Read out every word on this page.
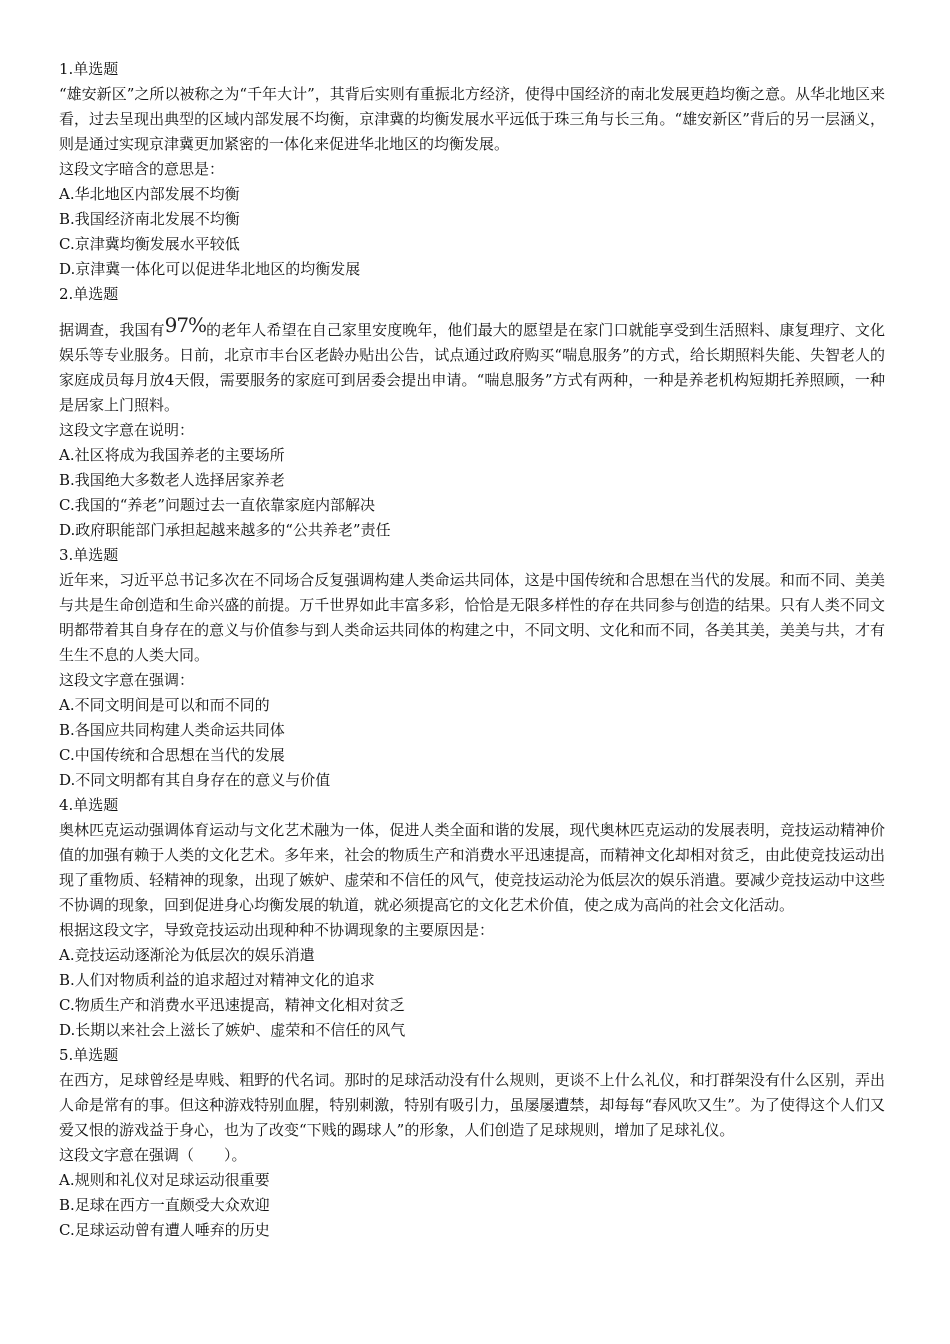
1.单选题
“雄安新区”之所以被称之为“千年大计”，其背后实则有重振北方经济，使得中国经济的南北发展更趋均衡之意。从华北地区来看，过去呈现出典型的区域内部发展不均衡，京津冀的均衡发展水平远低于珠三角与长三角。“雄安新区”背后的另一层涵义，则是通过实现京津冀更加紧密的一体化来促进华北地区的均衡发展。
这段文字暗含的意思是：
A.华北地区内部发展不均衡
B.我国经济南北发展不均衡
C.京津冀均衡发展水平较低
D.京津冀一体化可以促进华北地区的均衡发展
2.单选题
据调查，我国有97%的老年人希望在自己家里安度晚年，他们最大的愿望是在家门口就能享受到生活照料、康复理疗、文化娱乐等专业服务。日前，北京市丰台区老龄办贴出公告，试点通过政府购买“喘息服务”的方式，给长期照料失能、失智老人的家庭成员每月放4天假，需要服务的家庭可到居委会提出申请。“喘息服务”方式有两种，一种是养老机构短期托养照顾，一种是居家上门照料。
这段文字意在说明：
A.社区将成为我国养老的主要场所
B.我国绝大多数老人选择居家养老
C.我国的“养老”问题过去一直依靠家庭内部解决
D.政府职能部门承担起越来越多的“公共养老”责任
3.单选题
近年来，习近平总书记多次在不同场合反复强调构建人类命运共同体，这是中国传统和合思想在当代的发展。和而不同、美美与共是生命创造和生命兴盛的前提。万千世界如此丰富多彩，恰恰是无限多样性的存在共同参与创造的结果。只有人类不同文明都带着其自身存在的意义与价值参与到人类命运共同体的构建之中，不同文明、文化和而不同，各美其美，美美与共，才有生生不息的人类大同。
这段文字意在强调：
A.不同文明间是可以和而不同的
B.各国应共同构建人类命运共同体
C.中国传统和合思想在当代的发展
D.不同文明都有其自身存在的意义与价值
4.单选题
奥林匹克运动强调体育运动与文化艺术融为一体，促进人类全面和谐的发展，现代奥林匹克运动的发展表明，竞技运动精神价值的加强有赖于人类的文化艺术。多年来，社会的物质生产和消费水平迅速提高，而精神文化却相对贫乏，由此使竞技运动出现了重物质、轻精神的现象，出现了嫉妒、虚荣和不信任的风气，使竞技运动沦为低层次的娱乐消遣。要减少竞技运动中这些不协调的现象，回到促进身心均衡发展的轨道，就必须提高它的文化艺术价值，使之成为高尚的社会文化活动。
根据这段文字，导致竞技运动出现种种不协调现象的主要原因是：
A.竞技运动逐渐沦为低层次的娱乐消遣
B.人们对物质利益的追求超过对精神文化的追求
C.物质生产和消费水平迅速提高，精神文化相对贫乏
D.长期以来社会上滋长了嫉妒、虚荣和不信任的风气
5.单选题
在西方，足球曾经是卑贱、粗野的代名词。那时的足球活动没有什么规则，更谈不上什么礼仪，和打群架没有什么区别，弄出人命是常有的事。但这种游戏特别血腥，特别刺激，特别有吸引力，虽屡屡遭禁，却每每“春风吹又生”。为了使得这个人们又爱又恨的游戏益于身心，也为了改变“下贱的踢球人”的形象，人们创造了足球规则，增加了足球礼仪。
这段文字意在强调（　　）。
A.规则和礼仪对足球运动很重要
B.足球在西方一直颇受大众欢迎
C.足球运动曾有遭人唾弃的历史
